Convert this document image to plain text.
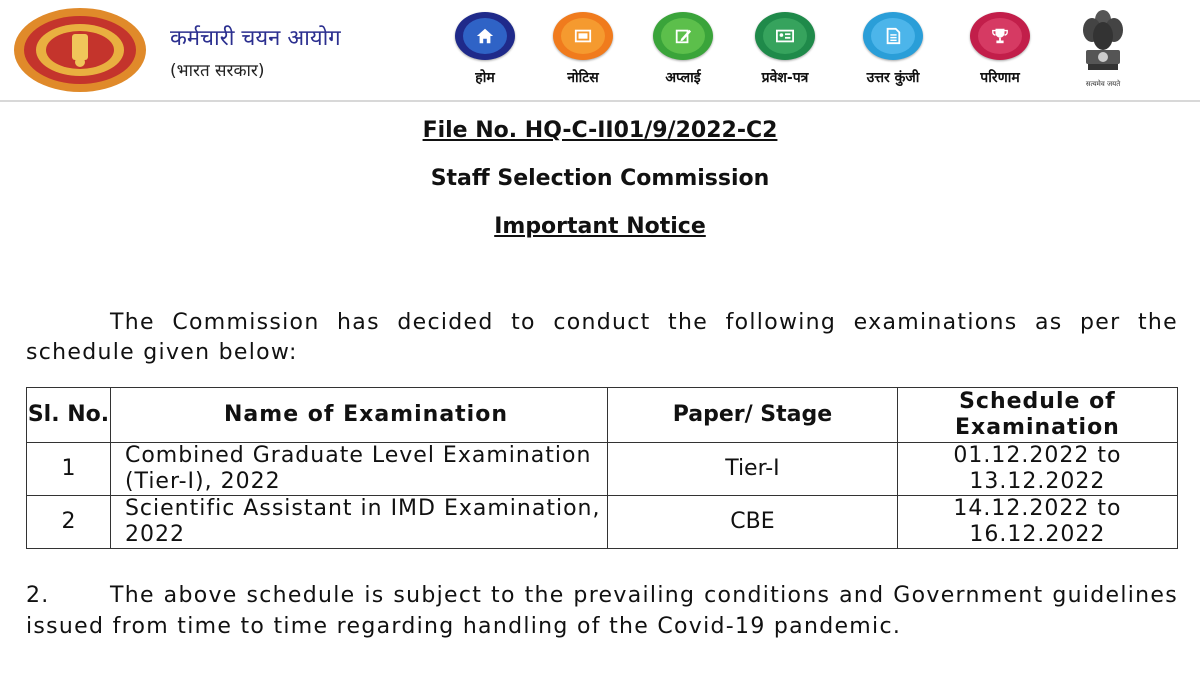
कर्मचारी चयन आयोग
(भारत सरकार)	होम	नोटिस	अप्लाई	प्रवेश-पत्र	उत्तर कुंजी	परिणाम	सत्यमेव जयते
File No. HQ-C-II01/9/2022-C2
Staff Selection Commission
Important Notice
The Commission has decided to conduct the following examinations as per the schedule given below:
Sl. No.	Name of Examination	Paper/ Stage	Schedule of Examination
1	Combined Graduate Level Examination (Tier-I), 2022	Tier-I	01.12.2022 to 13.12.2022
2	Scientific Assistant in IMD Examination, 2022	CBE	14.12.2022 to 16.12.2022
2.	The above schedule is subject to the prevailing conditions and Government guidelines issued from time to time regarding handling of the Covid-19 pandemic.
